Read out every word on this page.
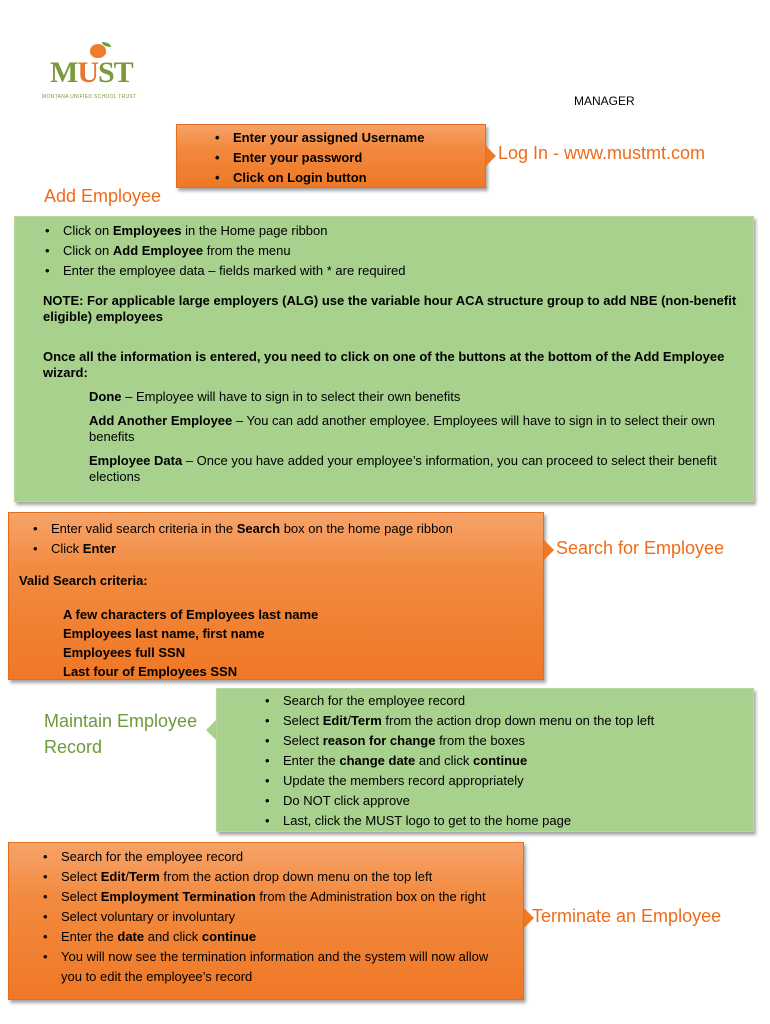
MUST
MONTANA UNIFIED SCHOOL TRUST	MANAGER
• Enter your assigned Username
• Enter your password
• Click on Login button
Log In - www.mustmt.com
Add Employee
• Click on Employees in the Home page ribbon
• Click on Add Employee from the menu
• Enter the employee data – fields marked with * are required
NOTE: For applicable large employers (ALG) use the variable hour ACA structure group to add NBE (non-benefit eligible) employees
Once all the information is entered, you need to click on one of the buttons at the bottom of the Add Employee wizard:
Done – Employee will have to sign in to select their own benefits
Add Another Employee – You can add another employee. Employees will have to sign in to select their own benefits
Employee Data – Once you have added your employee’s information, you can proceed to select their benefit elections
• Enter valid search criteria in the Search box on the home page ribbon
• Click Enter
Valid Search criteria:
A few characters of Employees last name
Employees last name, first name
Employees full SSN
Last four of Employees SSN
Search for Employee
Maintain Employee
Record
• Search for the employee record
• Select Edit/Term from the action drop down menu on the top left
• Select reason for change from the boxes
• Enter the change date and click continue
• Update the members record appropriately
• Do NOT click approve
• Last, click the MUST logo to get to the home page
• Search for the employee record
• Select Edit/Term from the action drop down menu on the top left
• Select Employment Termination from the Administration box on the right
• Select voluntary or involuntary
• Enter the date and click continue
• You will now see the termination information and the system will now allow you to edit the employee’s record
Terminate an Employee
